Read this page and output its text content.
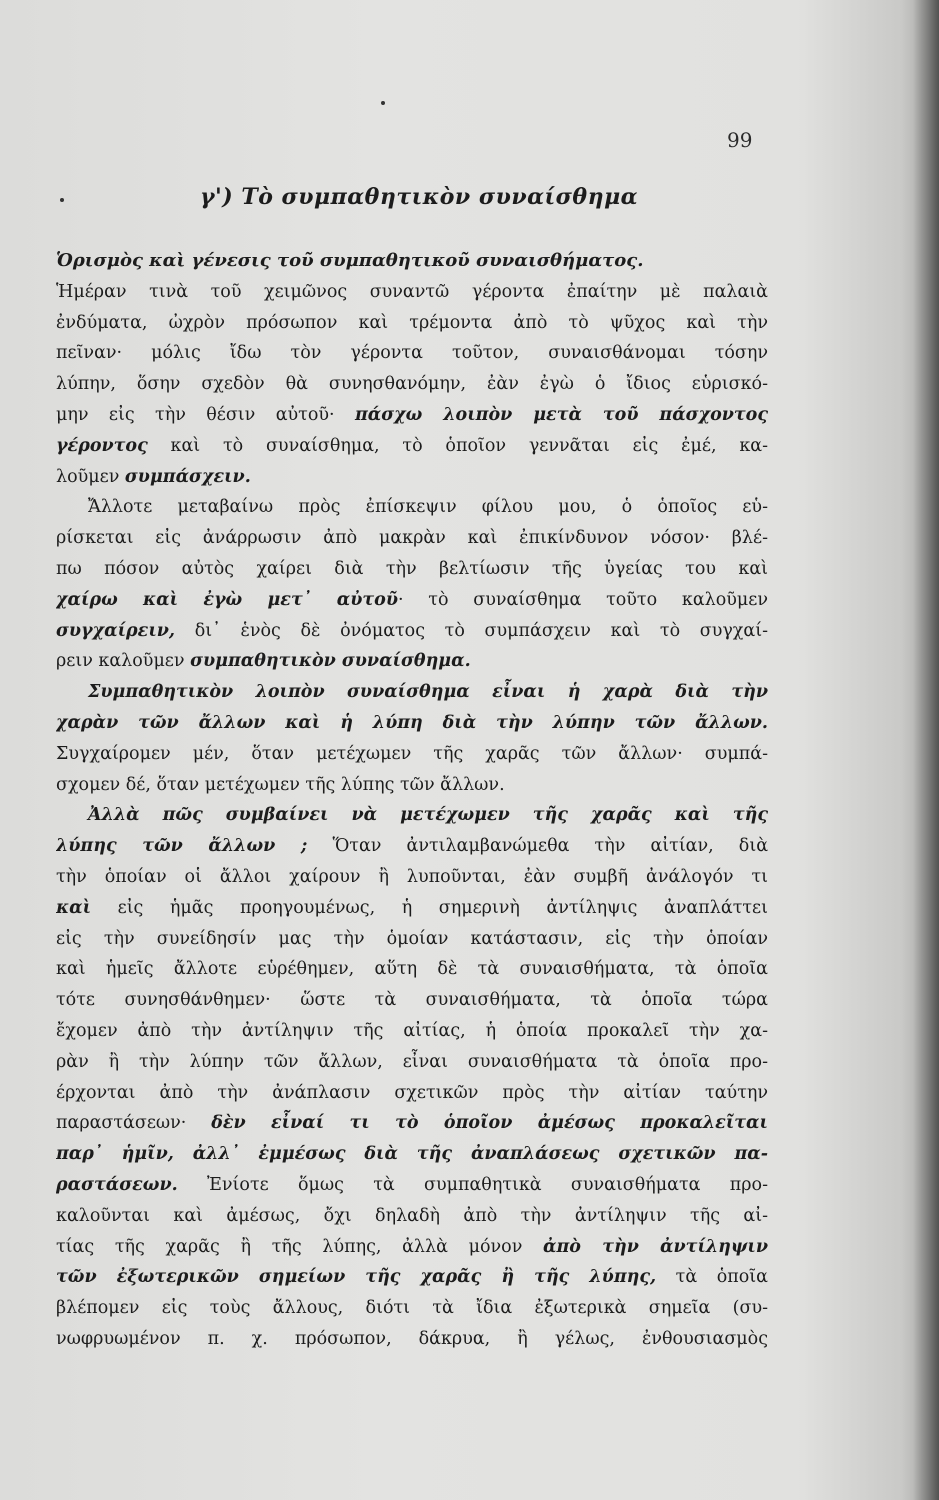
99
γ') Τὸ συμπαθητικὸν συναίσθημα
Ὁρισμὸς καὶ γένεσις τοῦ συμπαθητικοῦ συναισθήματος.
Ἡμέραν τινὰ τοῦ χειμῶνος συναντῶ γέροντα ἐπαίτην μὲ παλαιὰ
ἐνδύματα, ὠχρὸν πρόσωπον καὶ τρέμοντα ἀπὸ τὸ ψῦχος καὶ τὴν
πεῖναν· μόλις ἴδω τὸν γέροντα τοῦτον, συναισθάνομαι τόσην
λύπην, ὅσην σχεδὸν θὰ συνησθανόμην, ἐὰν ἐγὼ ὁ ἴδιος εὑρισκό-
μην εἰς τὴν θέσιν αὐτοῦ· πάσχω λοιπὸν μετὰ τοῦ πάσχοντος
γέροντος καὶ τὸ συναίσθημα, τὸ ὁποῖον γεννᾶται εἰς ἐμέ, κα-
λοῦμεν συμπάσχειν.
Ἄλλοτε μεταβαίνω πρὸς ἐπίσκεψιν φίλου μου, ὁ ὁποῖος εὑ-
ρίσκεται εἰς ἀνάρρωσιν ἀπὸ μακρὰν καὶ ἐπικίνδυνον νόσον· βλέ-
πω πόσον αὐτὸς χαίρει διὰ τὴν βελτίωσιν τῆς ὑγείας του καὶ
χαίρω καὶ ἐγὼ μετ᾽ αὐτοῦ· τὸ συναίσθημα τοῦτο καλοῦμεν
συγχαίρειν, δι᾽ ἑνὸς δὲ ὀνόματος τὸ συμπάσχειν καὶ τὸ συγχαί-
ρειν καλοῦμεν συμπαθητικὸν συναίσθημα.
Συμπαθητικὸν λοιπὸν συναίσθημα εἶναι ἡ χαρὰ διὰ τὴν
χαρὰν τῶν ἄλλων καὶ ἡ λύπη διὰ τὴν λύπην τῶν ἄλλων.
Συγχαίρομεν μέν, ὅταν μετέχωμεν τῆς χαρᾶς τῶν ἄλλων· συμπά-
σχομεν δέ, ὅταν μετέχωμεν τῆς λύπης τῶν ἄλλων.
Ἀλλὰ πῶς συμβαίνει νὰ μετέχωμεν τῆς χαρᾶς καὶ τῆς
λύπης τῶν ἄλλων ; Ὅταν ἀντιλαμβανώμεθα τὴν αἰτίαν, διὰ
τὴν ὁποίαν οἱ ἄλλοι χαίρουν ἢ λυποῦνται, ἐὰν συμβῆ ἀνάλογόν τι
καὶ εἰς ἡμᾶς προηγουμένως, ἡ σημερινὴ ἀντίληψις ἀναπλάττει
εἰς τὴν συνείδησίν μας τὴν ὁμοίαν κατάστασιν, εἰς τὴν ὁποίαν
καὶ ἡμεῖς ἄλλοτε εὑρέθημεν, αὕτη δὲ τὰ συναισθήματα, τὰ ὁποῖα
τότε συνησθάνθημεν· ὥστε τὰ συναισθήματα, τὰ ὁποῖα τώρα
ἔχομεν ἀπὸ τὴν ἀντίληψιν τῆς αἰτίας, ἡ ὁποία προκαλεῖ τὴν χα-
ρὰν ἢ τὴν λύπην τῶν ἄλλων, εἶναι συναισθήματα τὰ ὁποῖα προ-
έρχονται ἀπὸ τὴν ἀνάπλασιν σχετικῶν πρὸς τὴν αἰτίαν ταύτην
παραστάσεων· δὲν εἶναί τι τὸ ὁποῖον ἀμέσως προκαλεῖται
παρ᾽ ἡμῖν, ἀλλ᾽ ἐμμέσως διὰ τῆς ἀναπλάσεως σχετικῶν πα-
ραστάσεων. Ἐνίοτε ὅμως τὰ συμπαθητικὰ συναισθήματα προ-
καλοῦνται καὶ ἀμέσως, ὄχι δηλαδὴ ἀπὸ τὴν ἀντίληψιν τῆς αἰ-
τίας τῆς χαρᾶς ἢ τῆς λύπης, ἀλλὰ μόνον ἀπὸ τὴν ἀντίληψιν
τῶν ἐξωτερικῶν σημείων τῆς χαρᾶς ἢ τῆς λύπης, τὰ ὁποῖα
βλέπομεν εἰς τοὺς ἄλλους, διότι τὰ ἴδια ἐξωτερικὰ σημεῖα (συ-
νωφρυωμένον π. χ. πρόσωπον, δάκρυα, ἢ γέλως, ἐνθουσιασμὸς
